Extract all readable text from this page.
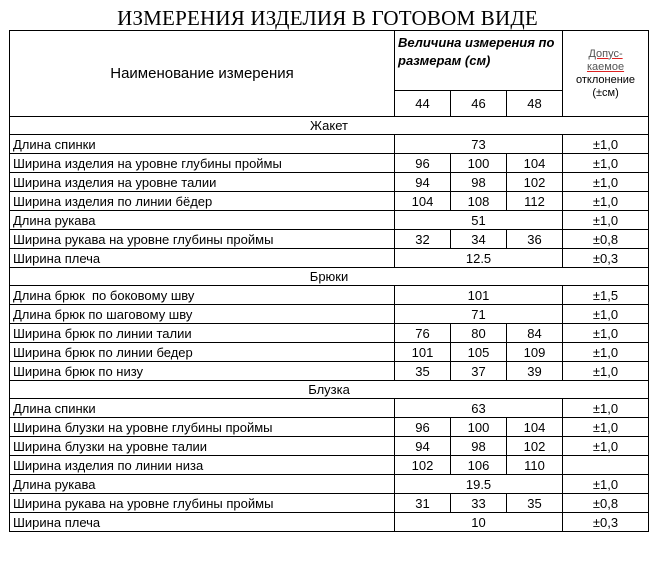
ИЗМЕРЕНИЯ ИЗДЕЛИЯ В ГОТОВОМ ВИДЕ
Наименование измерения	Величина измерения по размерам (см)			Допус-
каемое
отклонение
(±см)
	44	46	48	
Жакет				
Длина спинки	73			±1,0
Ширина изделия на уровне глубины проймы	96	100	104	±1,0
Ширина изделия на уровне талии	94	98	102	±1,0
Ширина изделия по линии бёдер	104	108	112	±1,0
Длина рукава	51			±1,0
Ширина рукава на уровне глубины проймы	32	34	36	±0,8
Ширина плеча	12.5			±0,3
Брюки				
Длина брюк  по боковому шву	101			±1,5
Длина брюк по шаговому шву	71			±1,0
Ширина брюк по линии талии	76	80	84	±1,0
Ширина брюк по линии бедер	101	105	109	±1,0
Ширина брюк по низу	35	37	39	±1,0
Блузка				
Длина спинки	63			±1,0
Ширина блузки на уровне глубины проймы	96	100	104	±1,0
Ширина блузки на уровне талии	94	98	102	±1,0
Ширина изделия по линии низа	102	106	110	
Длина рукава	19.5			±1,0
Ширина рукава на уровне глубины проймы	31	33	35	±0,8
Ширина плеча	10			±0,3
